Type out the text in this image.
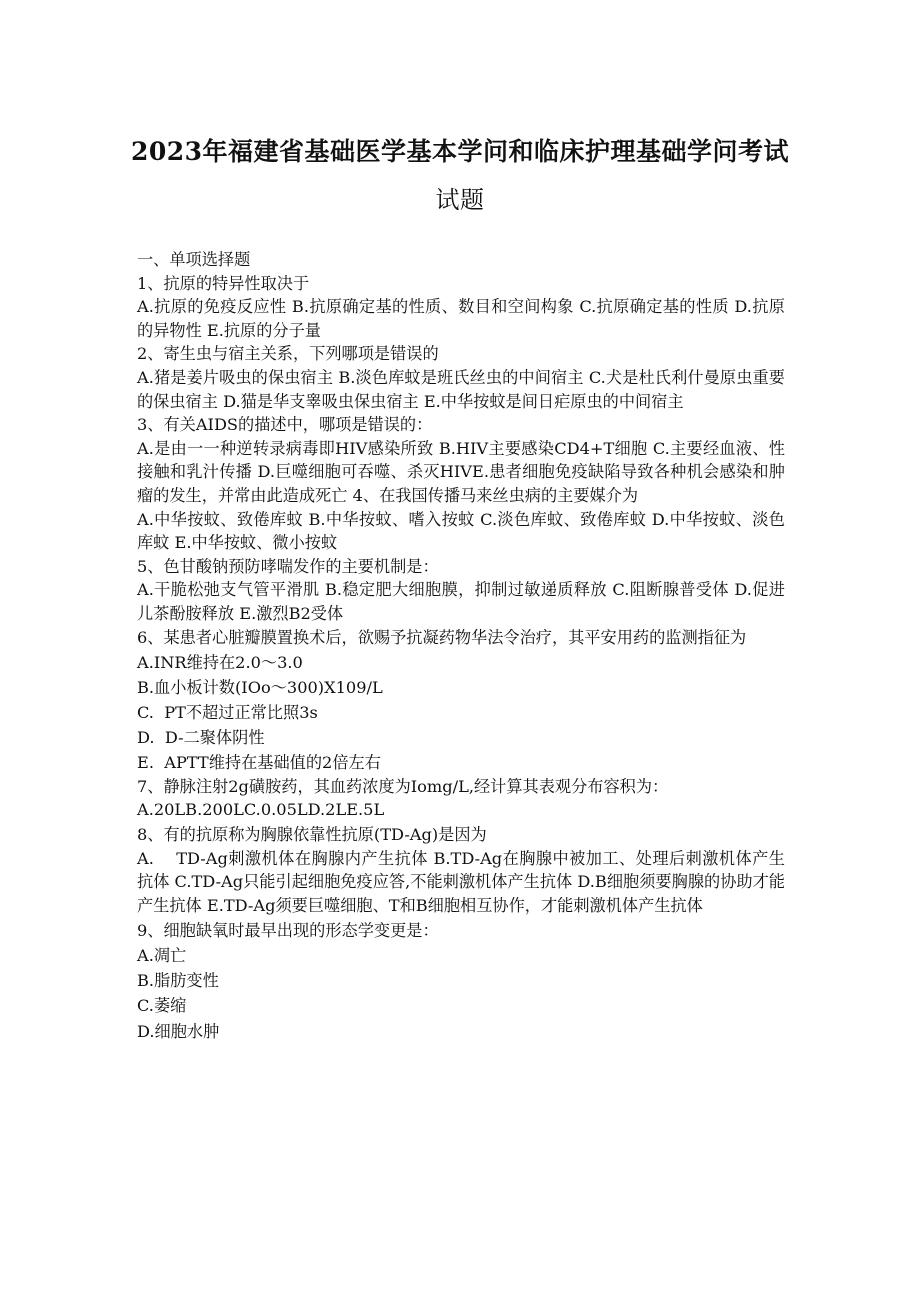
2023年福建省基础医学基本学问和临床护理基础学问考试
试题

一、单项选择题

1、抗原的特异性取决于

A.抗原的免疫反应性 B.抗原确定基的性质、数目和空间构象 C.抗原确定基的性质 D.抗原的异物性 E.抗原的分子量

2、寄生虫与宿主关系，下列哪项是错误的

A.猪是姜片吸虫的保虫宿主 B.淡色库蚊是班氏丝虫的中间宿主 C.犬是杜氏利什曼原虫重要的保虫宿主 D.猫是华支睾吸虫保虫宿主 E.中华按蚊是间日疟原虫的中间宿主

3、有关AIDS的描述中，哪项是错误的：

A.是由一一种逆转录病毒即HIV感染所致 B.HIV主要感染CD4+T细胞 C.主要经血液、性接触和乳汁传播 D.巨噬细胞可吞噬、杀灭HIVE.患者细胞免疫缺陷导致各种机会感染和肿瘤的发生，并常由此造成死亡 4、在我国传播马来丝虫病的主要媒介为

A.中华按蚊、致倦库蚊 B.中华按蚊、嗜入按蚊 C.淡色库蚊、致倦库蚊 D.中华按蚊、淡色库蚊 E.中华按蚊、微小按蚊

5、色甘酸钠预防哮喘发作的主要机制是：

A.干脆松弛支气管平滑肌 B.稳定肥大细胞膜，抑制过敏递质释放 C.阻断腺普受体 D.促进儿茶酚胺释放 E.激烈B2受体

6、某患者心脏瓣膜置换术后，欲赐予抗凝药物华法令治疗，其平安用药的监测指征为

A.INR维持在2.0～3.0

B.血小板计数(IOo～300)X109/L

C.  PT不超过正常比照3s

D.  D-二聚体阴性

E.  APTT维持在基础值的2倍左右

7、静脉注射2g磺胺药，其血药浓度为Iomg/L,经计算其表观分布容积为：

A.20LB.200LC.0.05LD.2LE.5L

8、有的抗原称为胸腺依靠性抗原(TD-Ag)是因为

A.    TD-Ag刺激机体在胸腺内产生抗体 B.TD-Ag在胸腺中被加工、处理后刺激机体产生抗体 C.TD-Ag只能引起细胞免疫应答,不能刺激机体产生抗体 D.B细胞须要胸腺的协助才能产生抗体 E.TD-Ag须要巨噬细胞、T和B细胞相互协作，才能刺激机体产生抗体

9、细胞缺氧时最早出现的形态学变更是：

A.凋亡

B.脂肪变性

C.萎缩

D.细胞水肿
